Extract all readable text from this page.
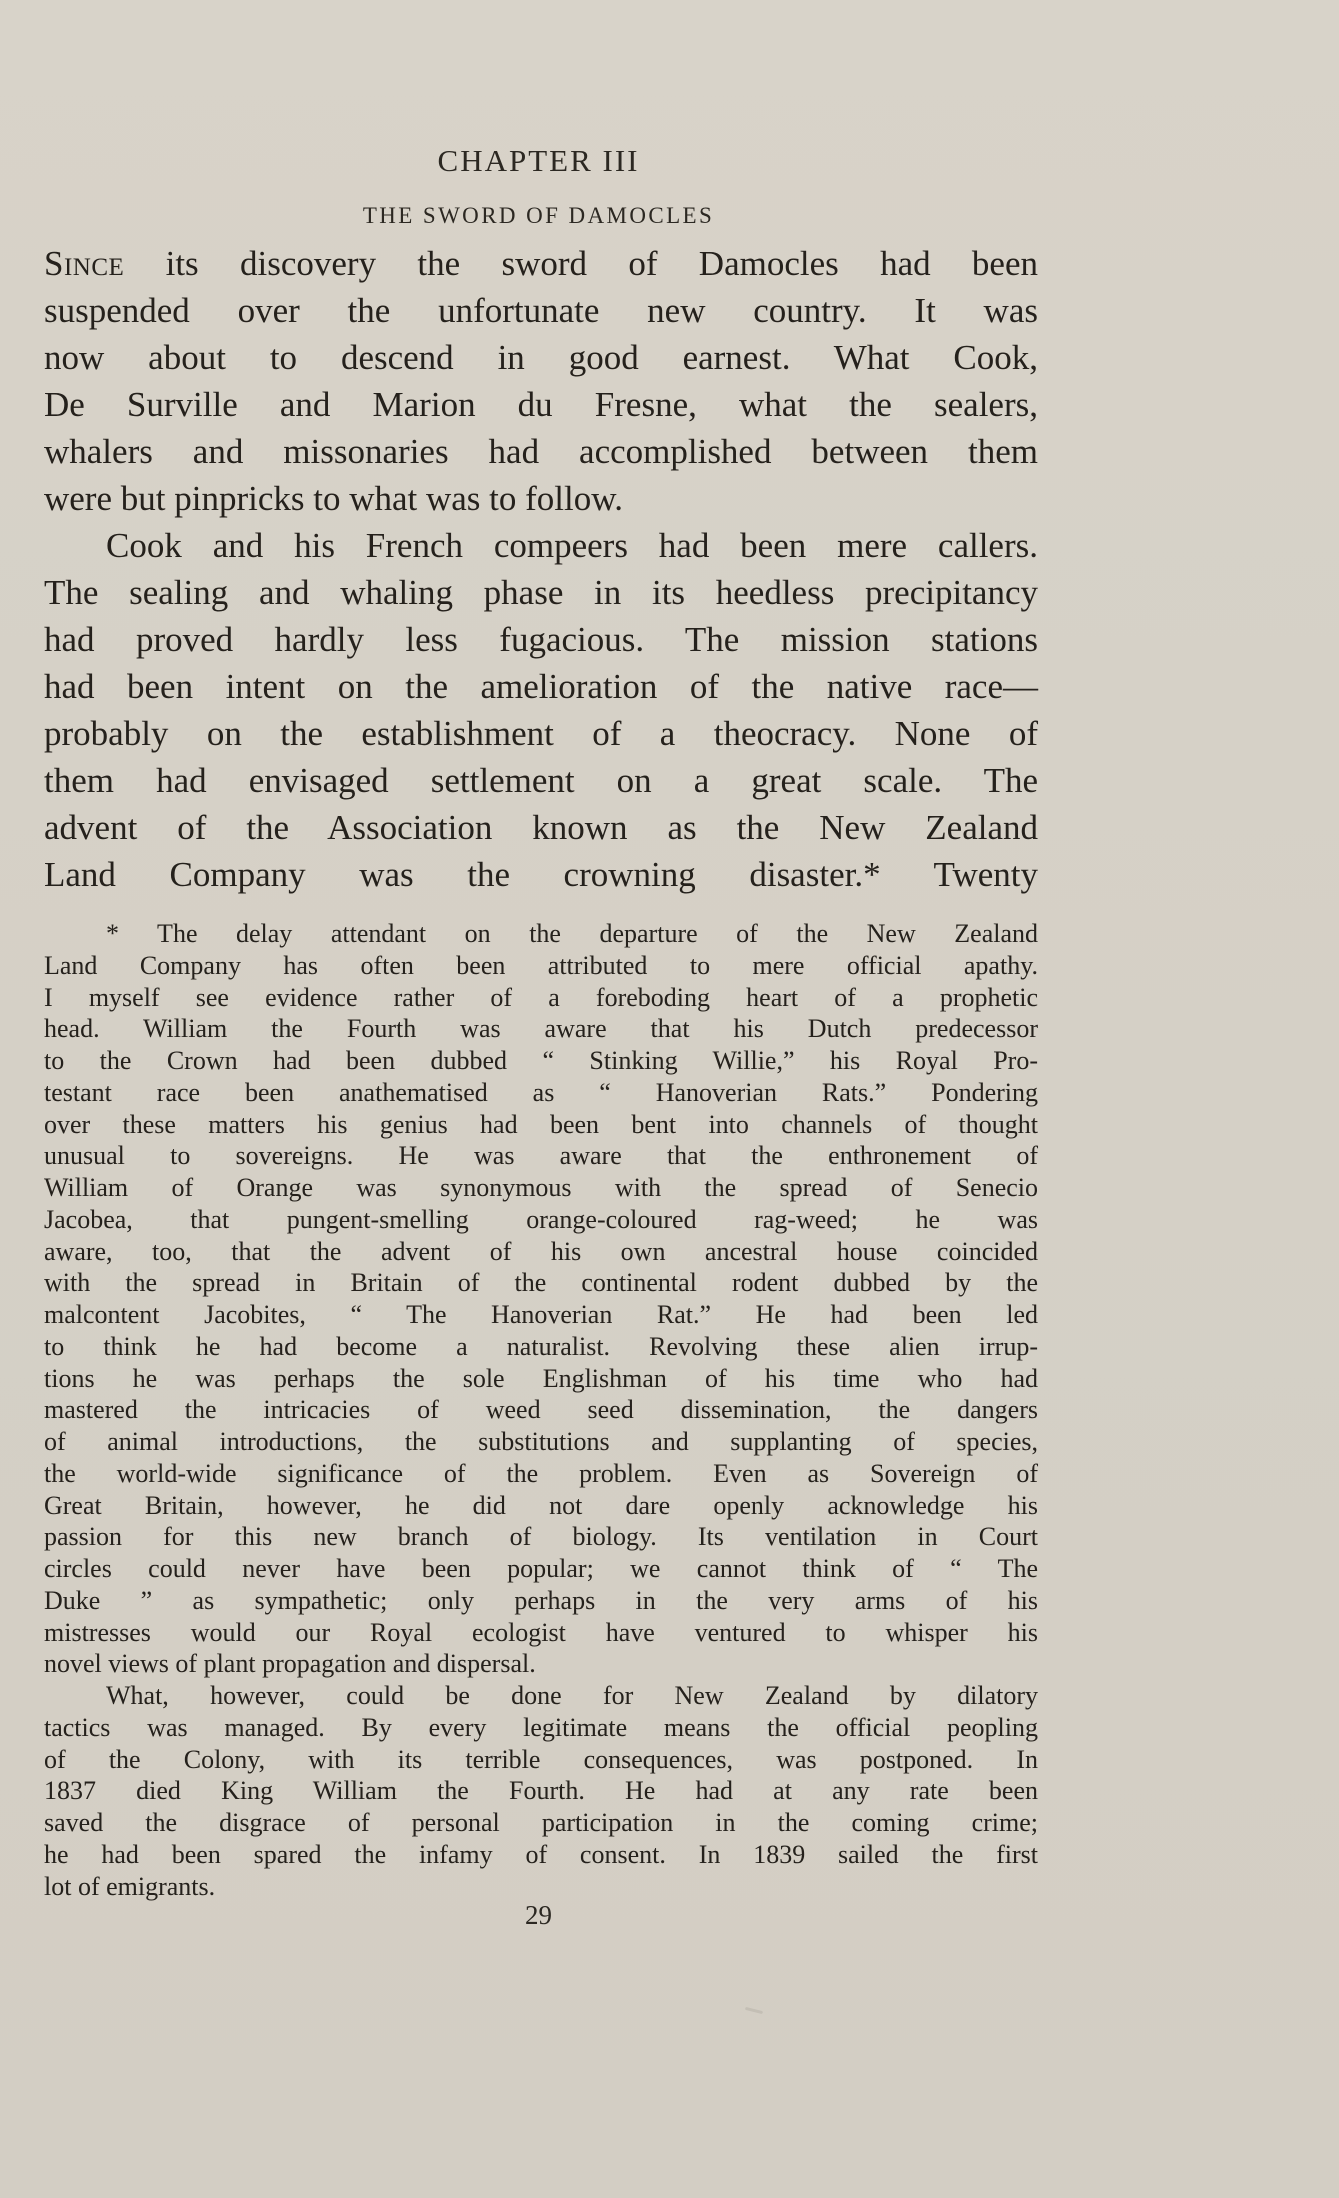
CHAPTER III
THE SWORD OF DAMOCLES
Since its discovery the sword of Damocles had been
suspended over the unfortunate new country. It was
now about to descend in good earnest. What Cook,
De Surville and Marion du Fresne, what the sealers,
whalers and missonaries had accomplished between them
were but pinpricks to what was to follow.
Cook and his French compeers had been mere callers.
The sealing and whaling phase in its heedless precipitancy
had proved hardly less fugacious. The mission stations
had been intent on the amelioration of the native race—
probably on the establishment of a theocracy. None of
them had envisaged settlement on a great scale. The
advent of the Association known as the New Zealand
Land Company was the crowning disaster.* Twenty
* The delay attendant on the departure of the New Zealand
Land Company has often been attributed to mere official apathy.
I myself see evidence rather of a foreboding heart of a prophetic
head. William the Fourth was aware that his Dutch predecessor
to the Crown had been dubbed “ Stinking Willie,” his Royal Pro-
testant race been anathematised as “ Hanoverian Rats.” Pondering
over these matters his genius had been bent into channels of thought
unusual to sovereigns. He was aware that the enthronement of
William of Orange was synonymous with the spread of Senecio
Jacobea, that pungent-smelling orange-coloured rag-weed; he was
aware, too, that the advent of his own ancestral house coincided
with the spread in Britain of the continental rodent dubbed by the
malcontent Jacobites, “ The Hanoverian Rat.” He had been led
to think he had become a naturalist. Revolving these alien irrup-
tions he was perhaps the sole Englishman of his time who had
mastered the intricacies of weed seed dissemination, the dangers
of animal introductions, the substitutions and supplanting of species,
the world-wide significance of the problem. Even as Sovereign of
Great Britain, however, he did not dare openly acknowledge his
passion for this new branch of biology. Its ventilation in Court
circles could never have been popular; we cannot think of “ The
Duke ” as sympathetic; only perhaps in the very arms of his
mistresses would our Royal ecologist have ventured to whisper his
novel views of plant propagation and dispersal.
What, however, could be done for New Zealand by dilatory
tactics was managed. By every legitimate means the official peopling
of the Colony, with its terrible consequences, was postponed. In
1837 died King William the Fourth. He had at any rate been
saved the disgrace of personal participation in the coming crime;
he had been spared the infamy of consent. In 1839 sailed the first
lot of emigrants.
29
